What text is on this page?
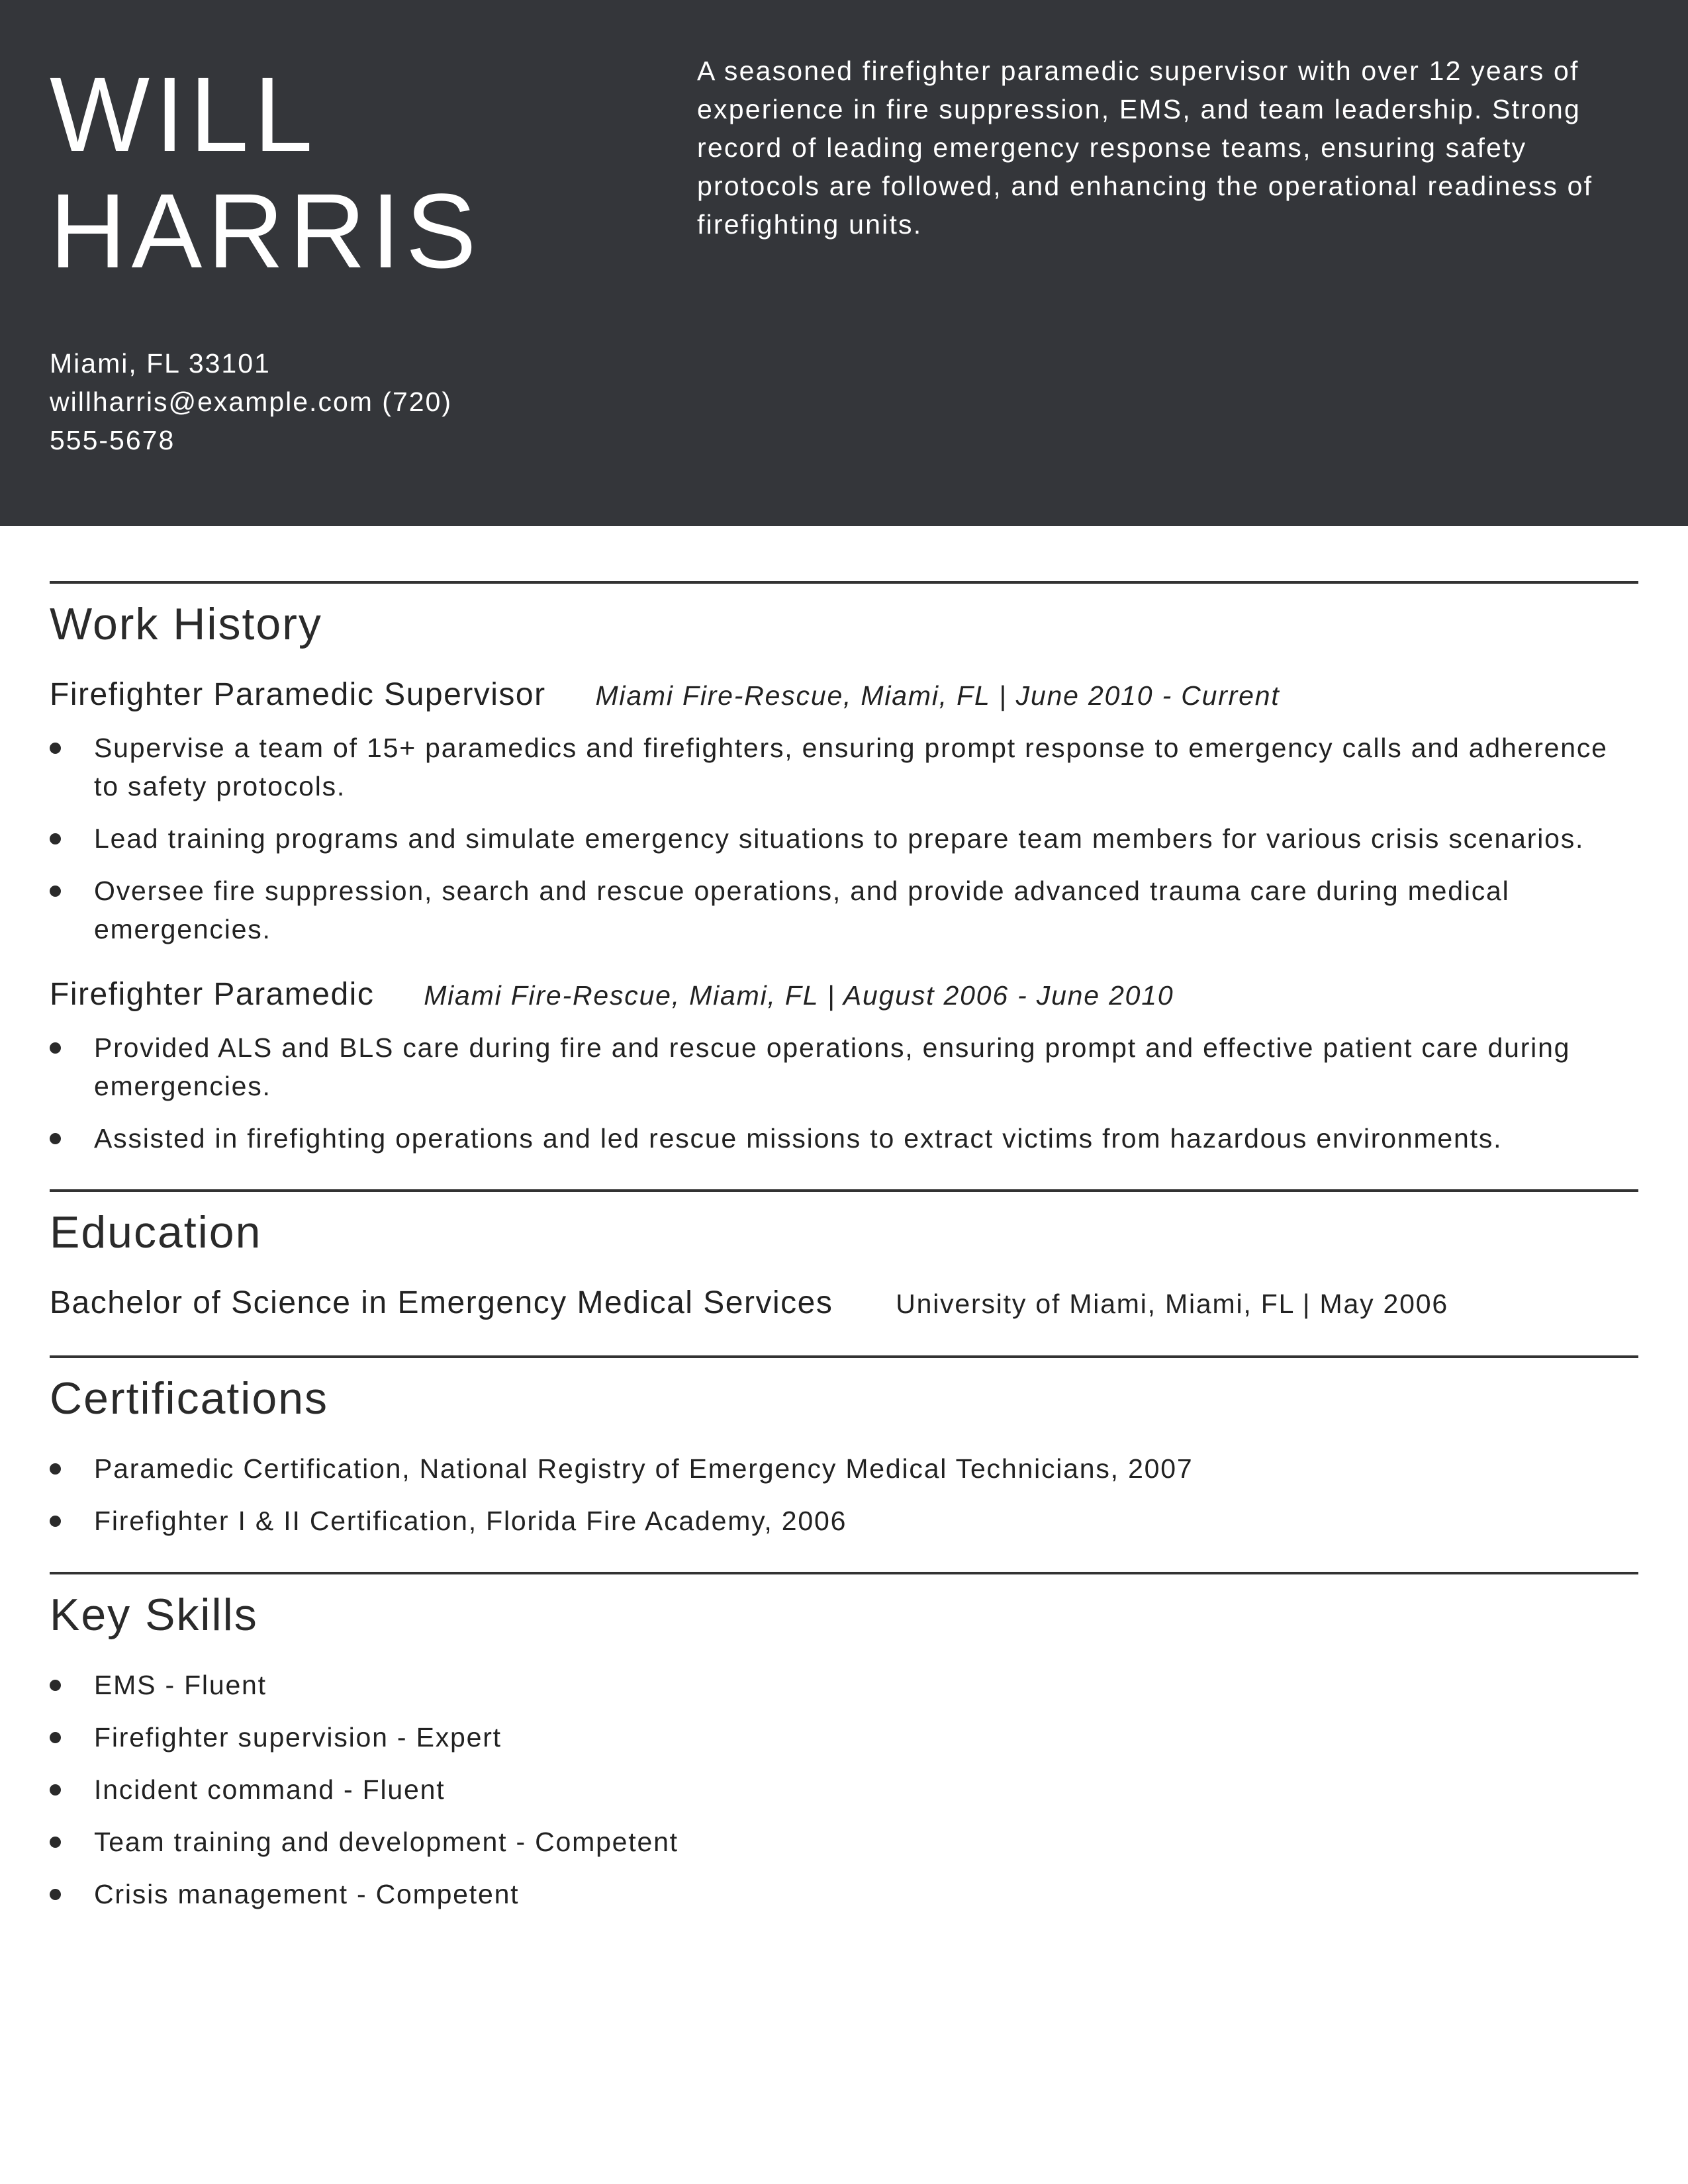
WILL
HARRIS
A seasoned firefighter paramedic supervisor with over 12 years of experience in fire suppression, EMS, and team leadership. Strong record of leading emergency response teams, ensuring safety protocols are followed, and enhancing the operational readiness of firefighting units.
Miami, FL 33101
willharris@example.com (720)
555-5678
Work History
Firefighter Paramedic Supervisor Miami Fire-Rescue, Miami, FL | June 2010 - Current
Supervise a team of 15+ paramedics and firefighters, ensuring prompt response to emergency calls and adherence to safety protocols.
Lead training programs and simulate emergency situations to prepare team members for various crisis scenarios.
Oversee fire suppression, search and rescue operations, and provide advanced trauma care during medical emergencies.
Firefighter Paramedic Miami Fire-Rescue, Miami, FL | August 2006 - June 2010
Provided ALS and BLS care during fire and rescue operations, ensuring prompt and effective patient care during emergencies.
Assisted in firefighting operations and led rescue missions to extract victims from hazardous environments.
Education
Bachelor of Science in Emergency Medical Services University of Miami, Miami, FL | May 2006
Certifications
Paramedic Certification, National Registry of Emergency Medical Technicians, 2007
Firefighter I & II Certification, Florida Fire Academy, 2006
Key Skills
EMS - Fluent
Firefighter supervision - Expert
Incident command - Fluent
Team training and development - Competent
Crisis management - Competent
